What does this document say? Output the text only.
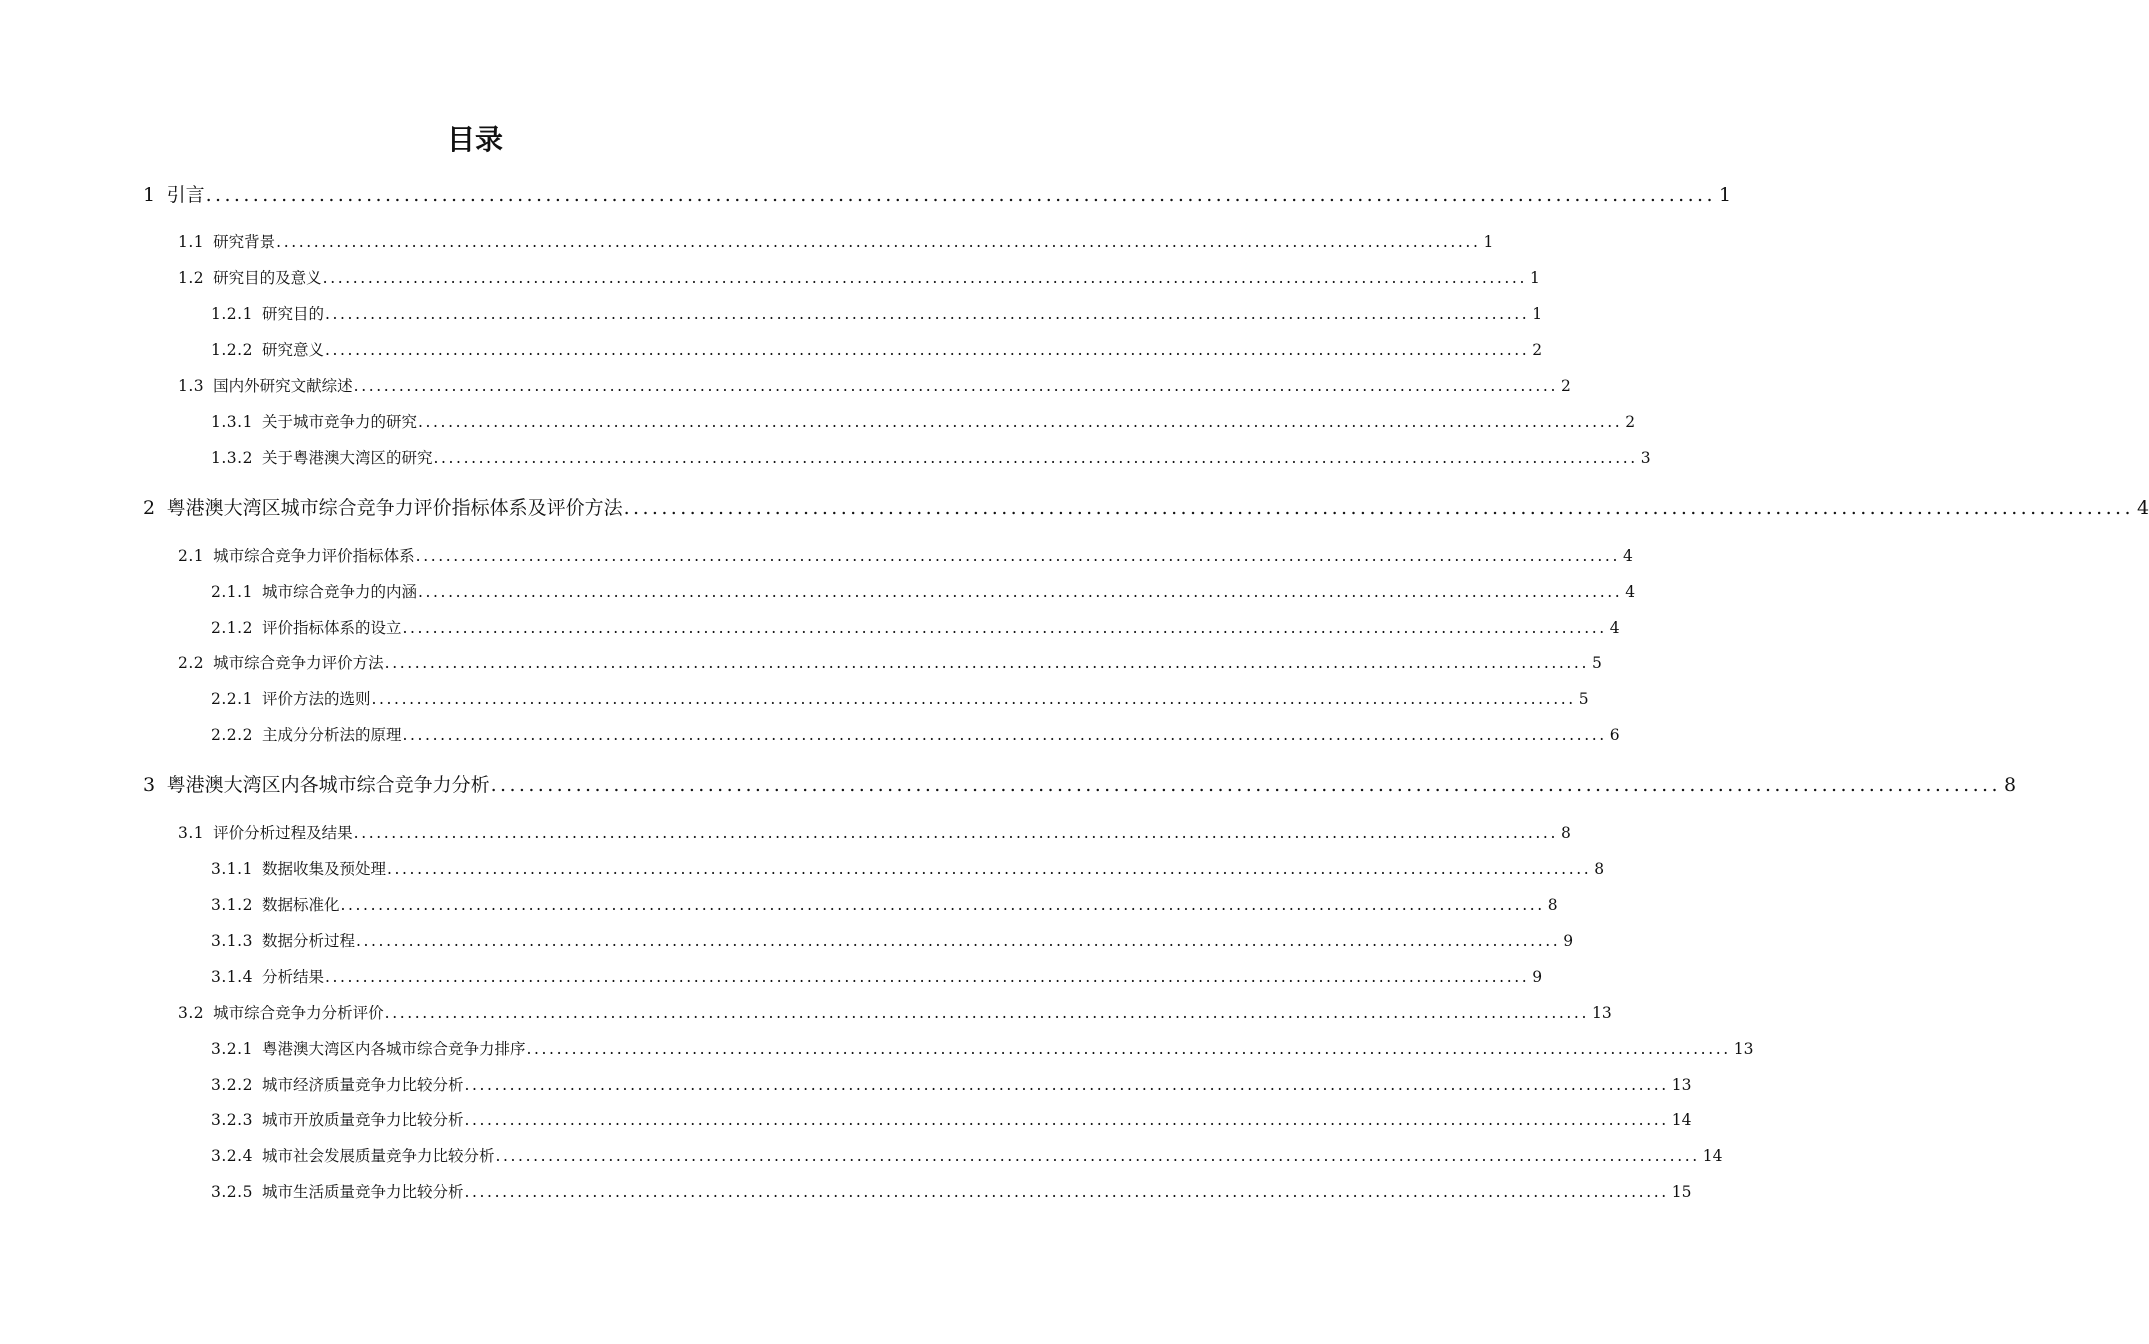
目录
1 引言 ................................................................................................................................................................ 1
1.1 研究背景 ................................................................................................................................................................ 1
1.2 研究目的及意义 ................................................................................................................................................................ 1
1.2.1 研究目的 ................................................................................................................................................................ 1
1.2.2 研究意义 ................................................................................................................................................................ 2
1.3 国内外研究文献综述 ................................................................................................................................................................ 2
1.3.1 关于城市竞争力的研究 ................................................................................................................................................................ 2
1.3.2 关于粤港澳大湾区的研究 ................................................................................................................................................................ 3
2 粤港澳大湾区城市综合竞争力评价指标体系及评价方法 ................................................................................................................................................................ 4
2.1 城市综合竞争力评价指标体系 ................................................................................................................................................................ 4
2.1.1 城市综合竞争力的内涵 ................................................................................................................................................................ 4
2.1.2 评价指标体系的设立 ................................................................................................................................................................ 4
2.2 城市综合竞争力评价方法 ................................................................................................................................................................ 5
2.2.1 评价方法的选则 ................................................................................................................................................................ 5
2.2.2 主成分分析法的原理 ................................................................................................................................................................ 6
3 粤港澳大湾区内各城市综合竞争力分析 ................................................................................................................................................................ 8
3.1 评价分析过程及结果 ................................................................................................................................................................ 8
3.1.1 数据收集及预处理 ................................................................................................................................................................ 8
3.1.2 数据标准化 ................................................................................................................................................................ 8
3.1.3 数据分析过程 ................................................................................................................................................................ 9
3.1.4 分析结果 ................................................................................................................................................................ 9
3.2 城市综合竞争力分析评价 ................................................................................................................................................................ 13
3.2.1 粤港澳大湾区内各城市综合竞争力排序 ................................................................................................................................................................ 13
3.2.2 城市经济质量竞争力比较分析 ................................................................................................................................................................ 13
3.2.3 城市开放质量竞争力比较分析 ................................................................................................................................................................ 14
3.2.4 城市社会发展质量竞争力比较分析 ................................................................................................................................................................ 14
3.2.5 城市生活质量竞争力比较分析 ................................................................................................................................................................ 15
